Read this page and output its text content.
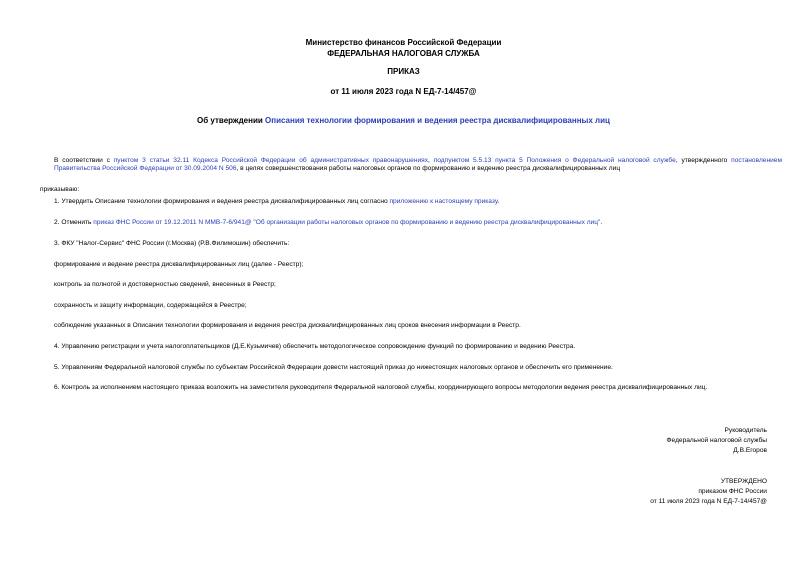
Министерство финансов Российской Федерации
ФЕДЕРАЛЬНАЯ НАЛОГОВАЯ СЛУЖБА
ПРИКАЗ
от 11 июля 2023 года N ЕД-7-14/457@
Об утверждении Описания технологии формирования и ведения реестра дисквалифицированных лиц
В соответствии с пунктом 3 статьи 32.11 Кодекса Российской Федерации об административных правонарушениях, подпунктом 5.5.13 пункта 5 Положения о Федеральной налоговой службе, утвержденного постановлением Правительства Российской Федерации от 30.09.2004 N 506, в целях совершенствования работы налоговых органов по формированию и ведению реестра дисквалифицированных лиц
приказываю:
1. Утвердить Описание технологии формирования и ведения реестра дисквалифицированных лиц согласно приложению к настоящему приказу.
2. Отменить приказ ФНС России от 19.12.2011 N ММВ-7-6/941@ "Об организации работы налоговых органов по формированию и ведению реестра дисквалифицированных лиц".
3. ФКУ "Налог-Сервис" ФНС России (г.Москва) (Р.В.Филимошин) обеспечить:
формирование и ведение реестра дисквалифицированных лиц (далее - Реестр);
контроль за полнотой и достоверностью сведений, внесенных в Реестр;
сохранность и защиту информации, содержащейся в Реестре;
соблюдение указанных в Описании технологии формирования и ведения реестра дисквалифицированных лиц сроков внесения информации в Реестр.
4. Управлению регистрации и учета налогоплательщиков (Д.Е.Кузьмичев) обеспечить методологическое сопровождение функций по формированию и ведению Реестра.
5. Управлениям Федеральной налоговой службы по субъектам Российской Федерации довести настоящий приказ до нижестоящих налоговых органов и обеспечить его применение.
6. Контроль за исполнением настоящего приказа возложить на заместителя руководителя Федеральной налоговой службы, координирующего вопросы методологии ведения реестра дисквалифицированных лиц.
Руководитель
Федеральной налоговой службы
Д.В.Егоров
УТВЕРЖДЕНО
приказом ФНС России
от 11 июля 2023 года N ЕД-7-14/457@
